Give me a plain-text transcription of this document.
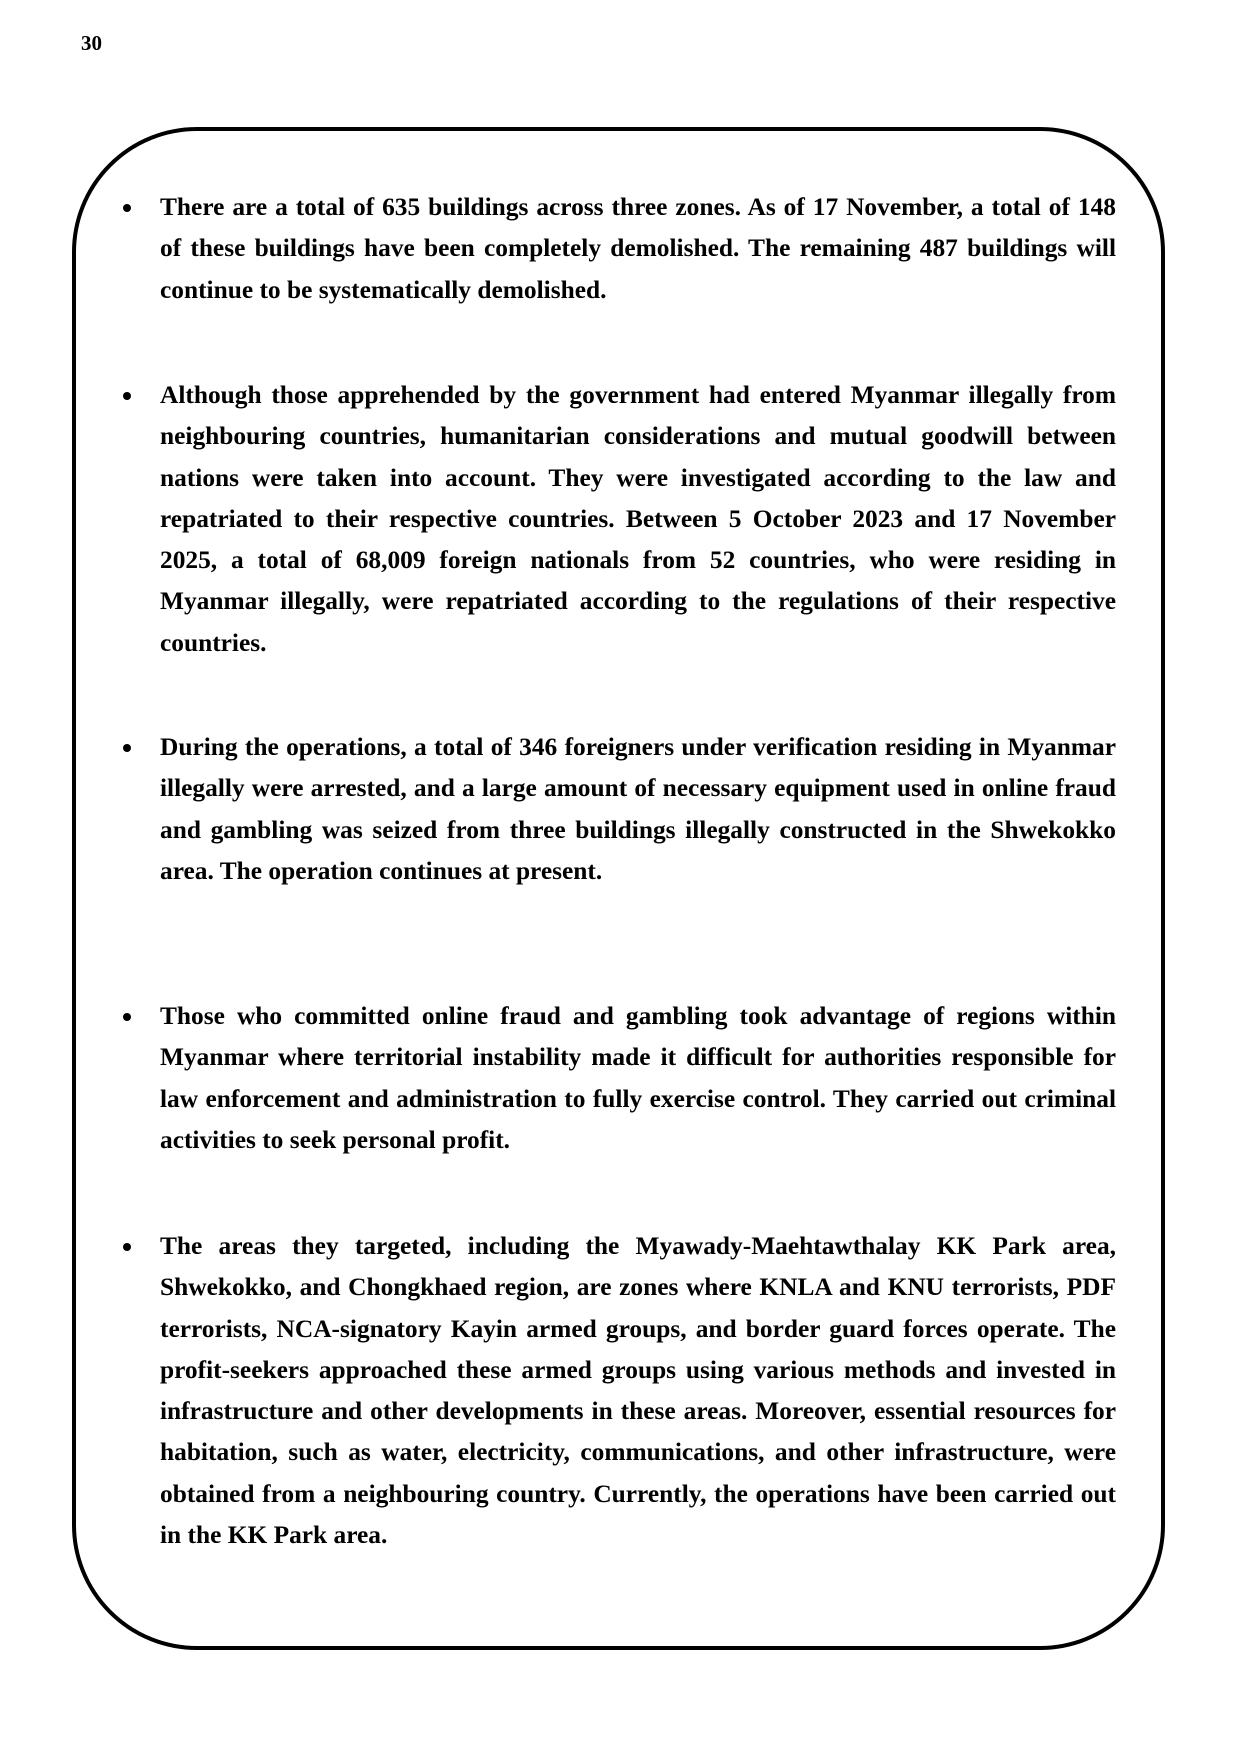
30
There are a total of 635 buildings across three zones. As of 17 November, a total of 148 of these buildings have been completely demolished. The remaining 487 buildings will continue to be systematically demolished.
Although those apprehended by the government had entered Myanmar illegally from neighbouring countries, humanitarian considerations and mutual goodwill between nations were taken into account. They were investigated according to the law and repatriated to their respective countries. Between 5 October 2023 and 17 November 2025, a total of 68,009 foreign nationals from 52 countries, who were residing in Myanmar illegally, were repatriated according to the regulations of their respective countries.
During the operations, a total of 346 foreigners under verification residing in Myanmar illegally were arrested, and a large amount of necessary equipment used in online fraud and gambling was seized from three buildings illegally constructed in the Shwekokko area. The operation continues at present.
Those who committed online fraud and gambling took advantage of regions within Myanmar where territorial instability made it difficult for authorities responsible for law enforcement and administration to fully exercise control. They carried out criminal activities to seek personal profit.
The areas they targeted, including the Myawady-Maehtawthalay KK Park area, Shwekokko, and Chongkhaed region, are zones where KNLA and KNU terrorists, PDF terrorists, NCA-signatory Kayin armed groups, and border guard forces operate. The profit-seekers approached these armed groups using various methods and invested in infrastructure and other developments in these areas. Moreover, essential resources for habitation, such as water, electricity, communications, and other infrastructure, were obtained from a neighbouring country. Currently, the operations have been carried out in the KK Park area.
